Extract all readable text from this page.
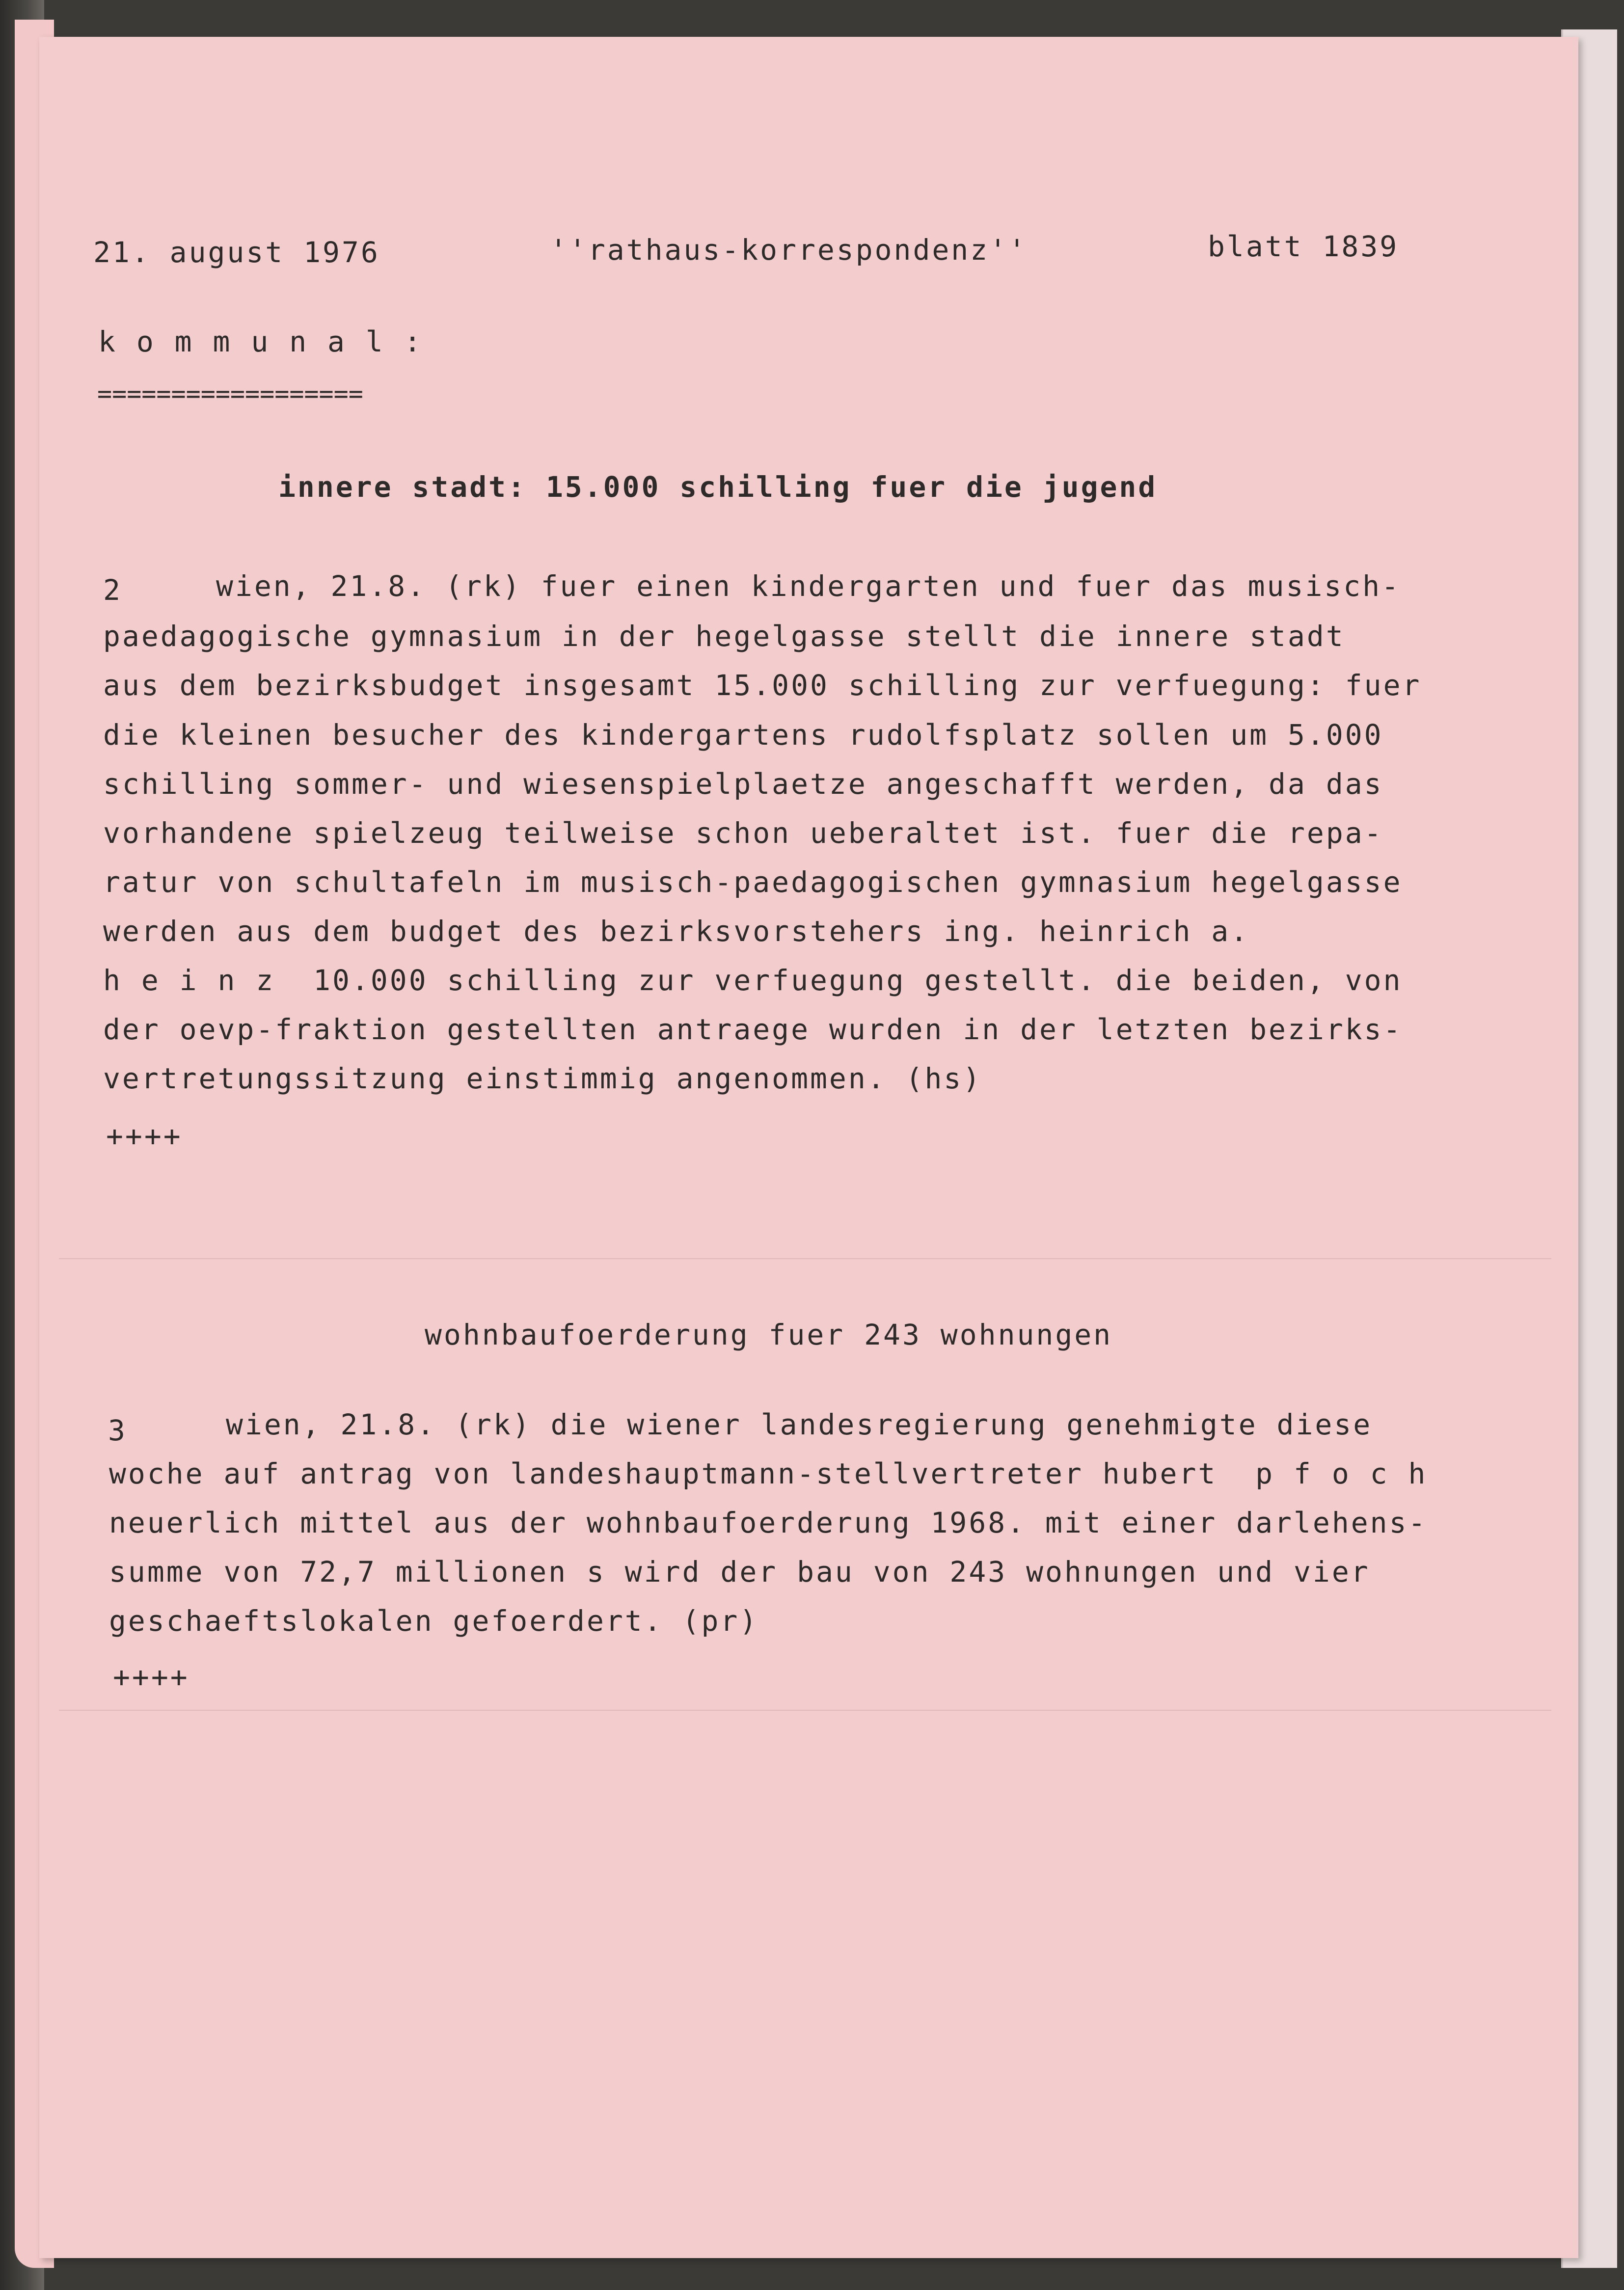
21. august 1976	''rathaus-korrespondenz''	blatt 1839
k o m m u n a l :
==================
innere stadt: 15.000 schilling fuer die jugend
2	wien, 21.8. (rk) fuer einen kindergarten und fuer das musisch-
paedagogische gymnasium in der hegelgasse stellt die innere stadt
aus dem bezirksbudget insgesamt 15.000 schilling zur verfuegung: fuer
die kleinen besucher des kindergartens rudolfsplatz sollen um 5.000
schilling sommer- und wiesenspielplaetze angeschafft werden, da das
vorhandene spielzeug teilweise schon ueberaltet ist. fuer die repa-
ratur von schultafeln im musisch-paedagogischen gymnasium hegelgasse
werden aus dem budget des bezirksvorstehers ing. heinrich a.
h e i n z  10.000 schilling zur verfuegung gestellt. die beiden, von
der oevp-fraktion gestellten antraege wurden in der letzten bezirks-
vertretungssitzung einstimmig angenommen. (hs)
++++
wohnbaufoerderung fuer 243 wohnungen
3	wien, 21.8. (rk) die wiener landesregierung genehmigte diese
woche auf antrag von landeshauptmann-stellvertreter hubert  p f o c h
neuerlich mittel aus der wohnbaufoerderung 1968. mit einer darlehens-
summe von 72,7 millionen s wird der bau von 243 wohnungen und vier
geschaeftslokalen gefoerdert. (pr)
++++
